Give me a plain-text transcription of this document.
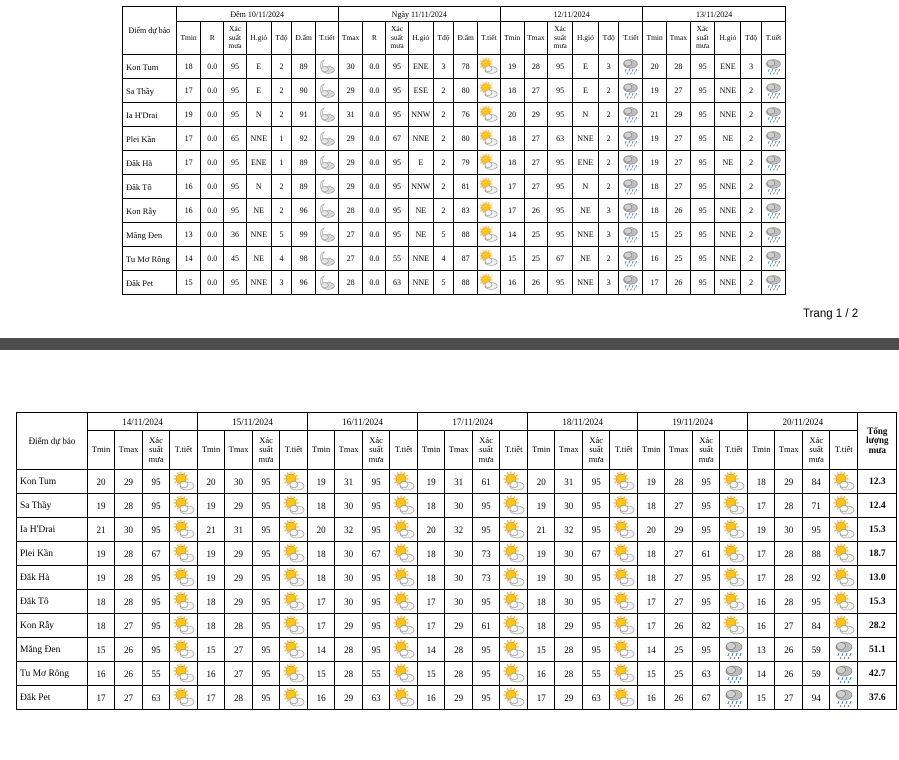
Điểm dự báo	Đêm 10/11/2024							Ngày 11/11/2024							12/11/2024						13/11/2024					
	Tmin	R	Xác suất mưa	H.gió	Tđộ	Đ.ẩm	T.tiết	Tmax	R	Xác suất mưa	H.gió	Tđộ	Đ.ẩm	T.tiết	Tmin	Tmax	Xác suất mưa	H.gió	Tđộ	T.tiết	Tmin	Tmax	Xác suất mưa	H.gió	Tđộ	T.tiết
Kon Tum	18	0.0	95	E	2	89		30	0.0	95	ENE	3	78		19	28	95	E	3		20	28	95	ENE	3	

Sa Thầy	17	0.0	95	E	2	90		29	0.0	95	ESE	2	80		18	27	95	E	2		19	27	95	NNE	2	

Ia H'Drai	19	0.0	95	N	2	91		31	0.0	95	NNW	2	76		20	29	95	N	2		21	29	95	NNE	2	

Plei Kần	17	0.0	65	NNE	1	92		29	0.0	67	NNE	2	80		18	27	63	NNE	2		19	27	95	NE	2	

Đăk Hà	17	0.0	95	ENE	1	89		29	0.0	95	E	2	79		18	27	95	ENE	2		19	27	95	NE	2	

Đăk Tô	16	0.0	95	N	2	89		29	0.0	95	NNW	2	81		17	27	95	N	2		18	27	95	NNE	2	

Kon Rẫy	16	0.0	95	NE	2	96		28	0.0	95	NE	2	83		17	26	95	NE	3		18	26	95	NNE	2	

Măng Đen	13	0.0	36	NNE	5	99		27	0.0	95	NE	5	88		14	25	95	NNE	3		15	25	95	NNE	2	

Tu Mơ Rông	14	0.0	45	NE	4	98		27	0.0	55	NNE	4	87		15	25	67	NE	2		16	25	95	NNE	2	

Đăk Pet	15	0.0	95	NNE	3	96		28	0.0	63	NNE	5	88		16	26	95	NNE	3		17	26	95	NNE	2	
Trang 1 / 2
Điểm dự báo	14/11/2024				15/11/2024				16/11/2024				17/11/2024				18/11/2024				19/11/2024				20/11/2024				Tổng lượng mưa
	Tmin	Tmax	Xác suất mưa	T.tiết	Tmin	Tmax	Xác suất mưa	T.tiết	Tmin	Tmax	Xác suất mưa	T.tiết	Tmin	Tmax	Xác suất mưa	T.tiết	Tmin	Tmax	Xác suất mưa	T.tiết	Tmin	Tmax	Xác suất mưa	T.tiết	Tmin	Tmax	Xác suất mưa	T.tiết	
Kon Tum	20	29	95		20	30	95		19	31	95		19	31	61		20	31	95		19	28	95		18	29	84		12.3
Sa Thầy	19	28	95		19	29	95		18	30	95		18	30	95		19	30	95		18	27	95		17	28	71		12.4
Ia H'Drai	21	30	95		21	31	95		20	32	95		20	32	95		21	32	95		20	29	95		19	30	95		15.3
Plei Kần	19	28	67		19	29	95		18	30	67		18	30	73		19	30	67		18	27	61		17	28	88		18.7
Đăk Hà	19	28	95		19	29	95		18	30	95		18	30	73		19	30	95		18	27	95		17	28	92		13.0
Đăk Tô	18	28	95		18	29	95		17	30	95		17	30	95		18	30	95		17	27	95		16	28	95		15.3
Kon Rẫy	18	27	95		18	28	95		17	29	95		17	29	61		18	29	95		17	26	82		16	27	84		28.2
Măng Đen	15	26	95		15	27	95		14	28	95		14	28	95		15	28	95		14	25	95		13	26	59		51.1
Tu Mơ Rông	16	26	55		16	27	95		15	28	55		15	28	95		16	28	55		15	25	63		14	26	59		42.7
Đăk Pet	17	27	63		17	28	95		16	29	63		16	29	95		17	29	63		16	26	67		15	27	94		37.6
